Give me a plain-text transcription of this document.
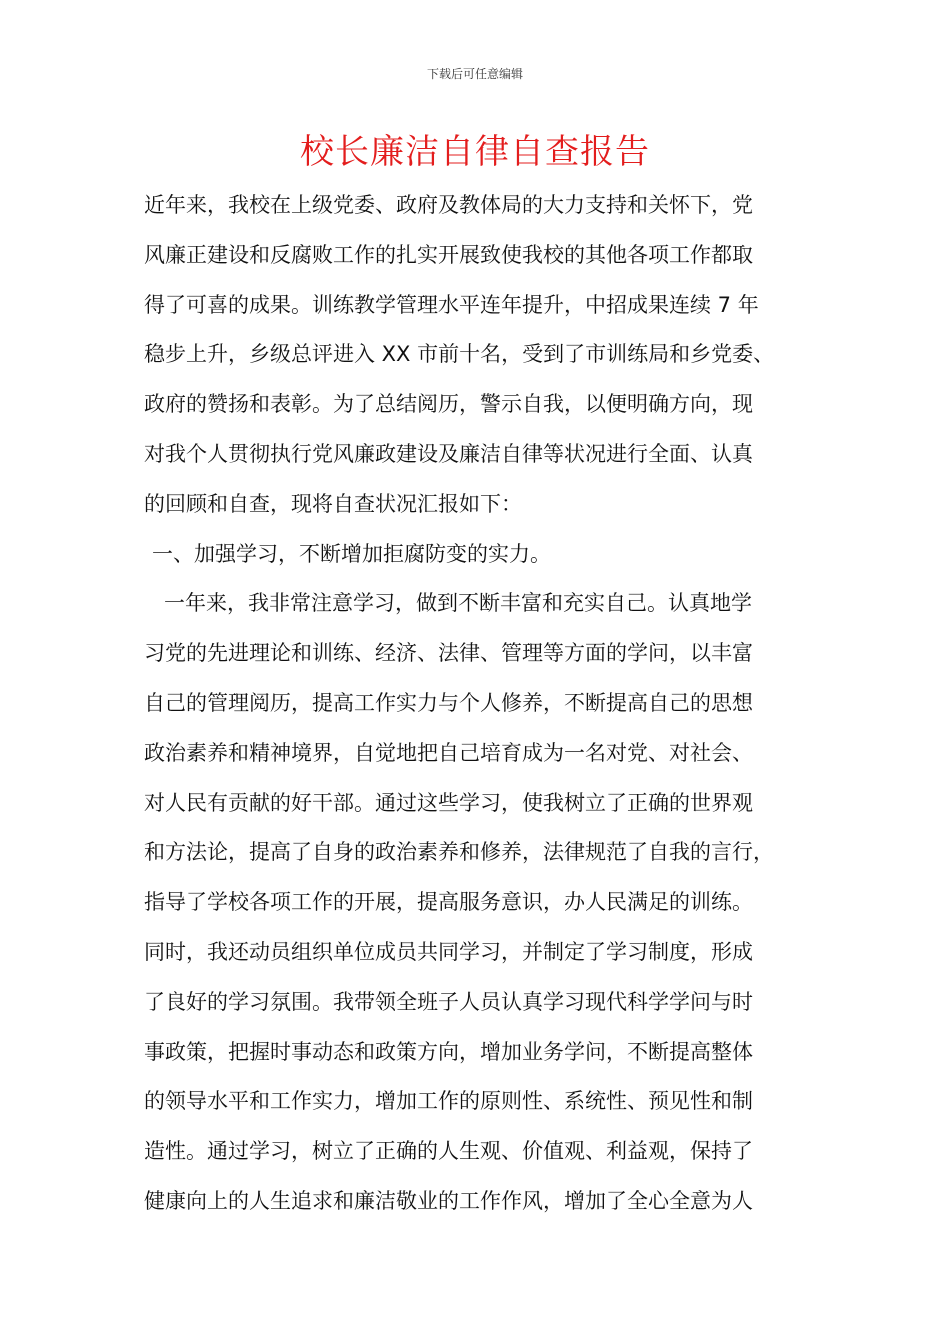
下载后可任意编辑
校长廉洁自律自查报告
近年来，我校在上级党委、政府及教体局的大力支持和关怀下，党
风廉正建设和反腐败工作的扎实开展致使我校的其他各项工作都取
得了可喜的成果。训练教学管理水平连年提升，中招成果连续 7 年
稳步上升，乡级总评进入 XX 市前十名，受到了市训练局和乡党委、
政府的赞扬和表彰。为了总结阅历，警示自我，以便明确方向，现
对我个人贯彻执行党风廉政建设及廉洁自律等状况进行全面、认真
的回顾和自查，现将自查状况汇报如下：
一、加强学习，不断增加拒腐防变的实力。
一年来，我非常注意学习，做到不断丰富和充实自己。认真地学
习党的先进理论和训练、经济、法律、管理等方面的学问，以丰富
自己的管理阅历，提高工作实力与个人修养，不断提高自己的思想
政治素养和精神境界，自觉地把自己培育成为一名对党、对社会、
对人民有贡献的好干部。通过这些学习，使我树立了正确的世界观
和方法论，提高了自身的政治素养和修养，法律规范了自我的言行，
指导了学校各项工作的开展，提高服务意识，办人民满足的训练。
同时，我还动员组织单位成员共同学习，并制定了学习制度，形成
了良好的学习氛围。我带领全班子人员认真学习现代科学学问与时
事政策，把握时事动态和政策方向，增加业务学问，不断提高整体
的领导水平和工作实力，增加工作的原则性、系统性、预见性和制
造性。通过学习，树立了正确的人生观、价值观、利益观，保持了
健康向上的人生追求和廉洁敬业的工作作风，增加了全心全意为人
